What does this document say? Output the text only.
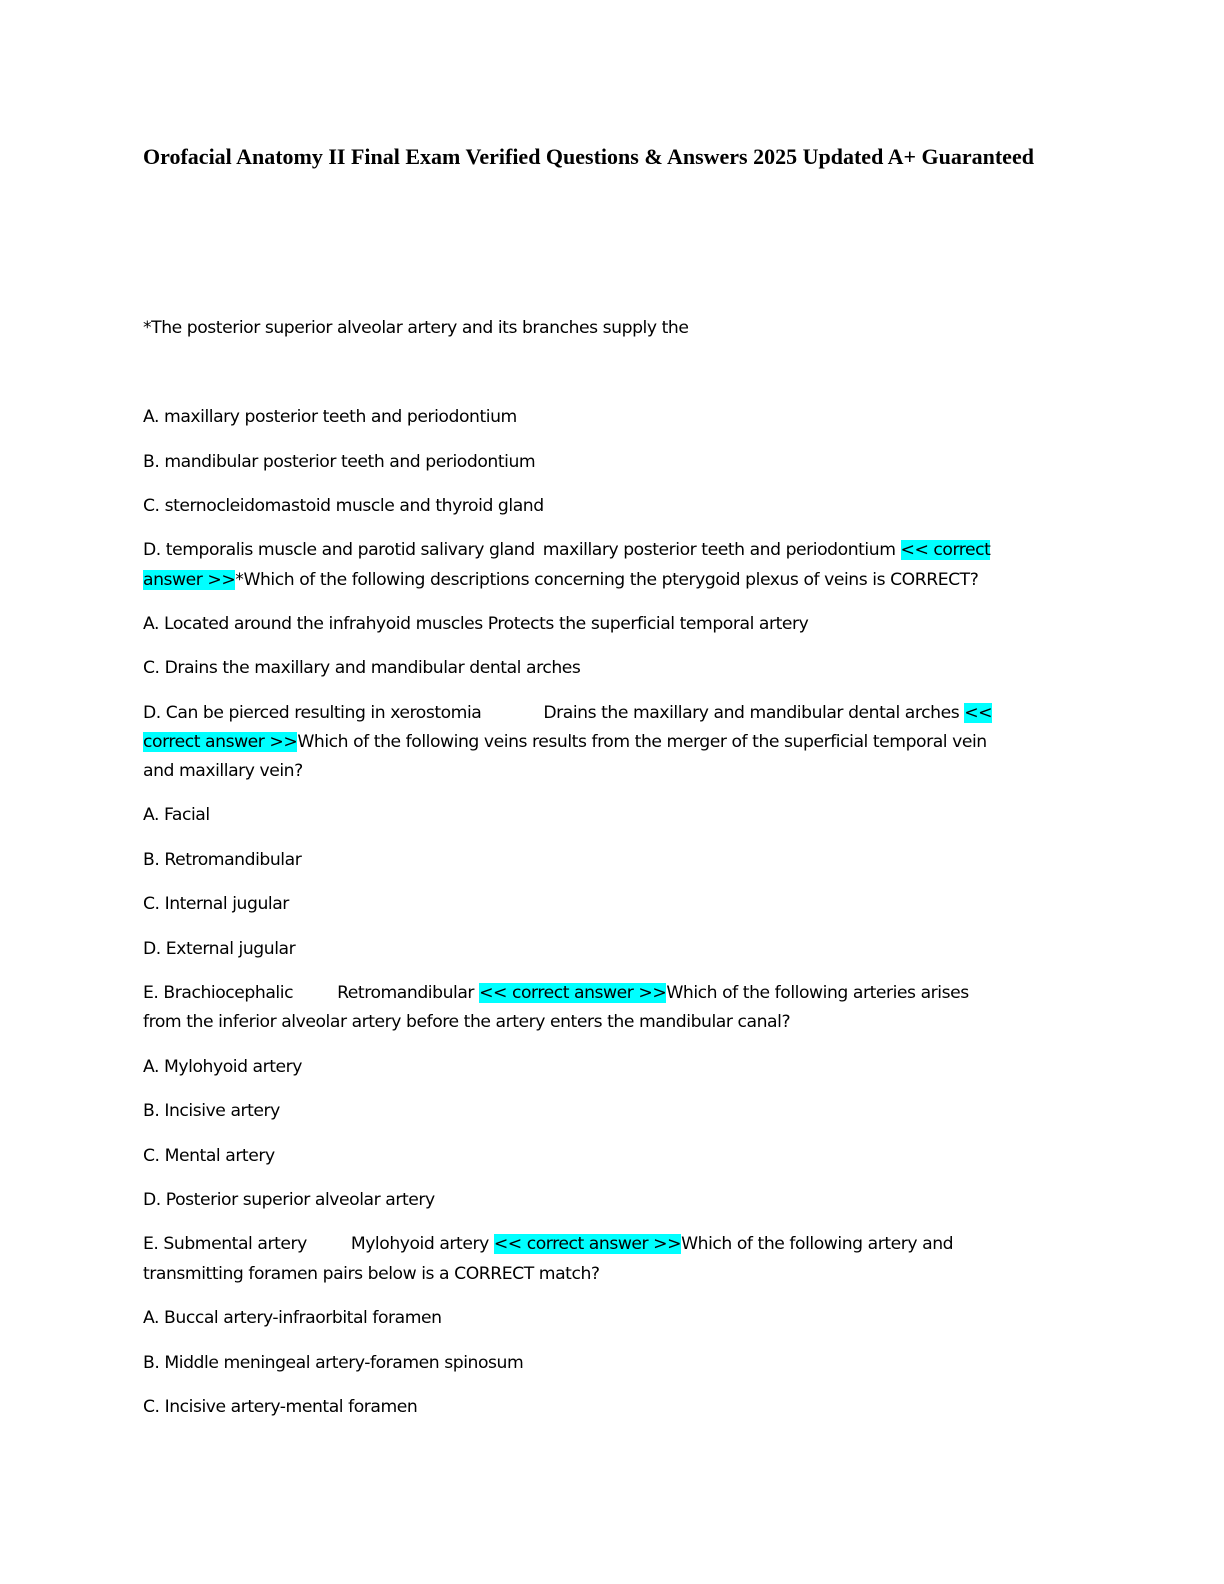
Orofacial Anatomy II Final Exam Verified Questions & Answers 2025 Updated A+ Guaranteed

*The posterior superior alveolar artery and its branches supply the

A. maxillary posterior teeth and periodontium

B. mandibular posterior teeth and periodontium

C. sternocleidomastoid muscle and thyroid gland

D. temporalis muscle and parotid salivary gland maxillary posterior teeth and periodontium << correct

answer >>*Which of the following descriptions concerning the pterygoid plexus of veins is CORRECT?

A. Located around the infrahyoid muscles Protects the superficial temporal artery

C. Drains the maxillary and mandibular dental arches

D. Can be pierced resulting in xerostomia	Drains the maxillary and mandibular dental arches <<

correct answer >>Which of the following veins results from the merger of the superficial temporal vein

and maxillary vein?

A. Facial

B. Retromandibular

C. Internal jugular

D. External jugular

E. Brachiocephalic	Retromandibular << correct answer >>Which of the following arteries arises

from the inferior alveolar artery before the artery enters the mandibular canal?

A. Mylohyoid artery

B. Incisive artery

C. Mental artery

D. Posterior superior alveolar artery

E. Submental artery	Mylohyoid artery << correct answer >>Which of the following artery and

transmitting foramen pairs below is a CORRECT match?

A. Buccal artery-infraorbital foramen

B. Middle meningeal artery-foramen spinosum

C. Incisive artery-mental foramen
